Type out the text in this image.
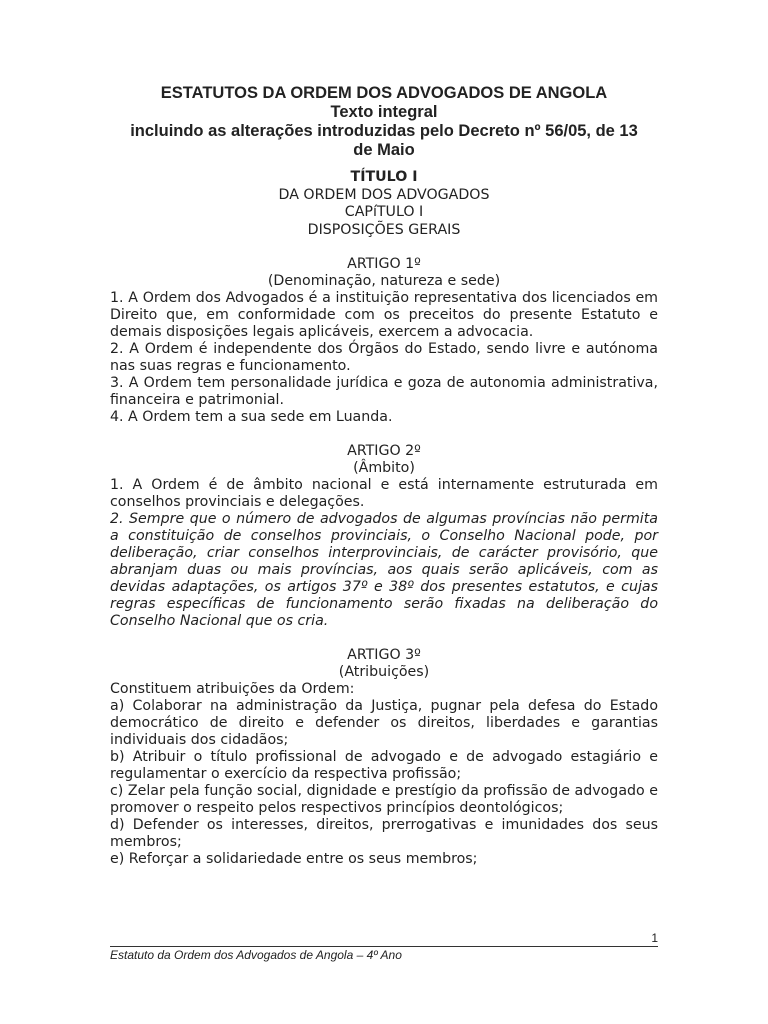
ESTATUTOS DA ORDEM DOS ADVOGADOS DE ANGOLA
Texto integral
incluindo as alterações introduzidas pelo Decreto nº 56/05, de 13
de Maio
TÍTULO I
DA ORDEM DOS ADVOGADOS
CAPíTULO I
DISPOSIÇÕES GERAIS
ARTIGO 1º
(Denominação, natureza e sede)

1. A Ordem dos Advogados é a instituição representativa dos licenciados em Direito que, em conformidade com os preceitos do presente Estatuto e demais disposições legais aplicáveis, exercem a advocacia.

2. A Ordem é independente dos Órgãos do Estado, sendo livre e autónoma nas suas regras e funcionamento.

3. A Ordem tem personalidade jurídica e goza de autonomia administrativa, financeira e patrimonial.

4. A Ordem tem a sua sede em Luanda.

ARTIGO 2º
(Âmbito)

1. A Ordem é de âmbito nacional e está internamente estruturada em conselhos provinciais e delegações.

2. Sempre que o número de advogados de algumas províncias não permita a constituição de conselhos provinciais, o Conselho Nacional pode, por deliberação, criar conselhos interprovinciais, de carácter provisório, que abranjam duas ou mais províncias, aos quais serão aplicáveis, com as devidas adaptações, os artigos 37º e 38º dos presentes estatutos, e cujas regras específicas de funcionamento serão fixadas na deliberação do Conselho Nacional que os cria.

ARTIGO 3º
(Atribuições)

Constituem atribuições da Ordem:

a) Colaborar na administração da Justiça, pugnar pela defesa do Estado democrático de direito e defender os direitos, liberdades e garantias individuais dos cidadãos;

b) Atribuir o título profissional de advogado e de advogado estagiário e regulamentar o exercício da respectiva profissão;

c) Zelar pela função social, dignidade e prestígio da profissão de advogado e promover o respeito pelos respectivos princípios deontológicos;

d) Defender os interesses, direitos, prerrogativas e imunidades dos seus membros;

e) Reforçar a solidariedade entre os seus membros;

1
Estatuto da Ordem dos Advogados de Angola – 4º Ano
